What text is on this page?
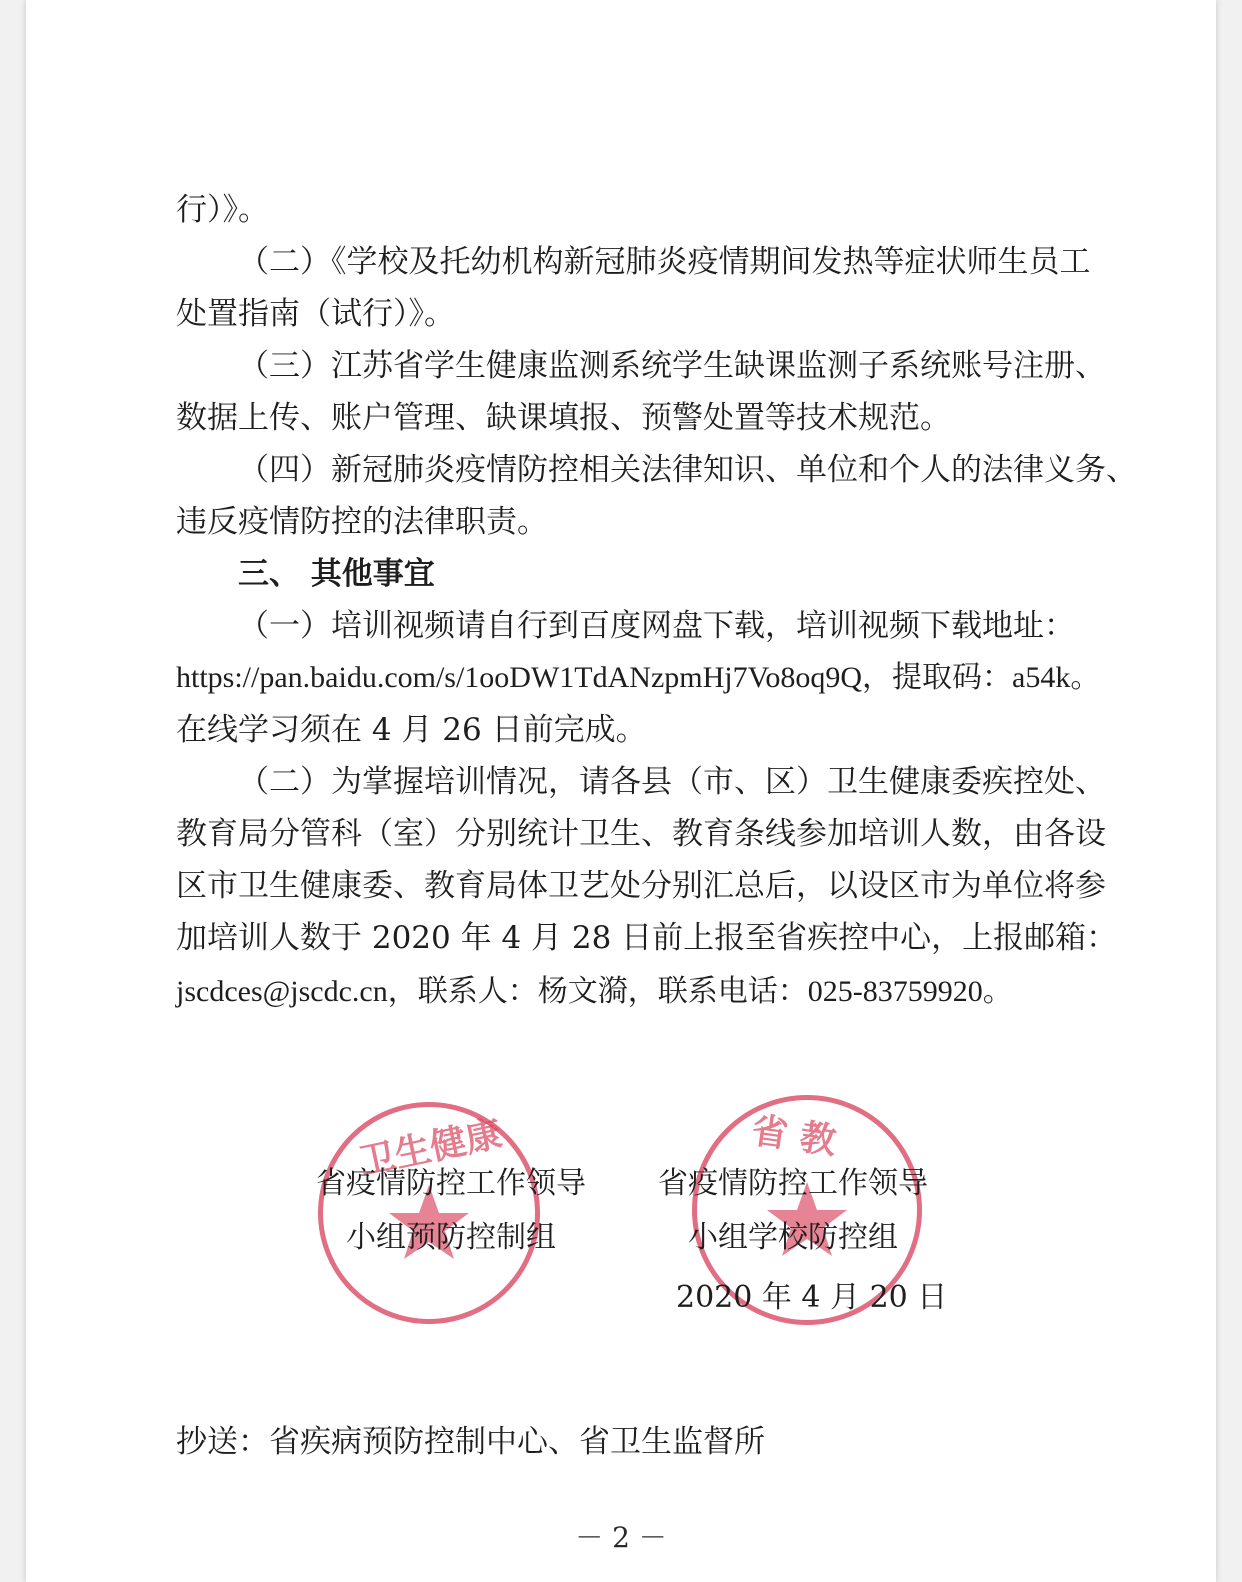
行）》。
（二）《学校及托幼机构新冠肺炎疫情期间发热等症状师生员工
处置指南（试行）》。
（三）江苏省学生健康监测系统学生缺课监测子系统账号注册、
数据上传、账户管理、缺课填报、预警处置等技术规范。
（四）新冠肺炎疫情防控相关法律知识、单位和个人的法律义务、
违反疫情防控的法律职责。
三、 其他事宜
（一）培训视频请自行到百度网盘下载，培训视频下载地址：
https://pan.baidu.com/s/1ooDW1TdANzpmHj7Vo8oq9Q，提取码：a54k。
在线学习须在 4 月 26 日前完成。
（二）为掌握培训情况，请各县（市、区）卫生健康委疾控处、
教育局分管科（室）分别统计卫生、教育条线参加培训人数，由各设
区市卫生健康委、教育局体卫艺处分别汇总后，以设区市为单位将参
加培训人数于 2020 年 4 月 28 日前上报至省疾控中心，上报邮箱：
jscdces@jscdc.cn，联系人：杨文漪，联系电话：025-83759920。
卫生健康	省 教
省疫情防控工作领导
小组预防控制组
省疫情防控工作领导
小组学校防控组
2020 年 4 月 20 日
抄送：省疾病预防控制中心、省卫生监督所
－ 2 －
